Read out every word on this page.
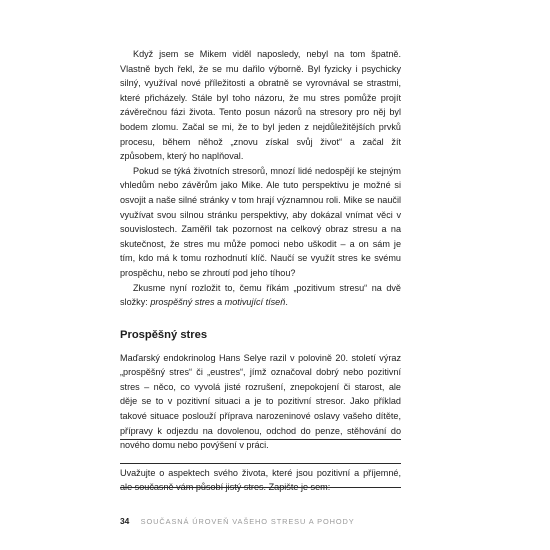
Když jsem se Mikem viděl naposledy, nebyl na tom špatně. Vlastně bych řekl, že se mu dařilo výborně. Byl fyzicky i psychicky silný, využíval nové příležitosti a obratně se vyrovnával se strastmi, které přicházely. Stále byl toho názoru, že mu stres pomůže projít závěrečnou fázi života. Tento posun názorů na stresory pro něj byl bodem zlomu. Začal se mi, že to byl jeden z nejdůležitějších prvků procesu, během něhož „znovu získal svůj život“ a začal žít způsobem, který ho naplňoval.

Pokud se týká životních stresorů, mnozí lidé nedospějí ke stejným vhledům nebo závěrům jako Mike. Ale tuto perspektivu je možné si osvojit a naše silné stránky v tom hrají významnou roli. Mike se naučil využívat svou silnou stránku perspektivy, aby dokázal vnímat věci v souvislostech. Zaměřil tak pozornost na celkový obraz stresu a na skutečnost, že stres mu může pomoci nebo uškodit – a on sám je tím, kdo má k tomu rozhodnutí klíč. Naučí se využít stres ke svému prospěchu, nebo se zhroutí pod jeho tíhou?

Zkusme nyní rozložit to, čemu říkám „pozitivum stresu“ na dvě složky: prospěšný stres a motivující tíseň.

Prospěšný stres

Maďarský endokrinolog Hans Selye razil v polovině 20. století výraz „prospěšný stres“ či „eustres“, jímž označoval dobrý nebo pozitivní stres – něco, co vyvolá jisté rozrušení, znepokojení či starost, ale děje se to v pozitivní situaci a je to pozitivní stresor. Jako příklad takové situace poslouží příprava narozeninové oslavy vašeho dítěte, přípravy k odjezdu na dovolenou, odchod do penze, stěhování do nového domu nebo povýšení v práci.

Uvažujte o aspektech svého života, které jsou pozitivní a příjemné, ale současně vám působí jistý stres. Zapište je sem:

34 SOUČASNÁ ÚROVEŇ VAŠEHO STRESU A POHODY
